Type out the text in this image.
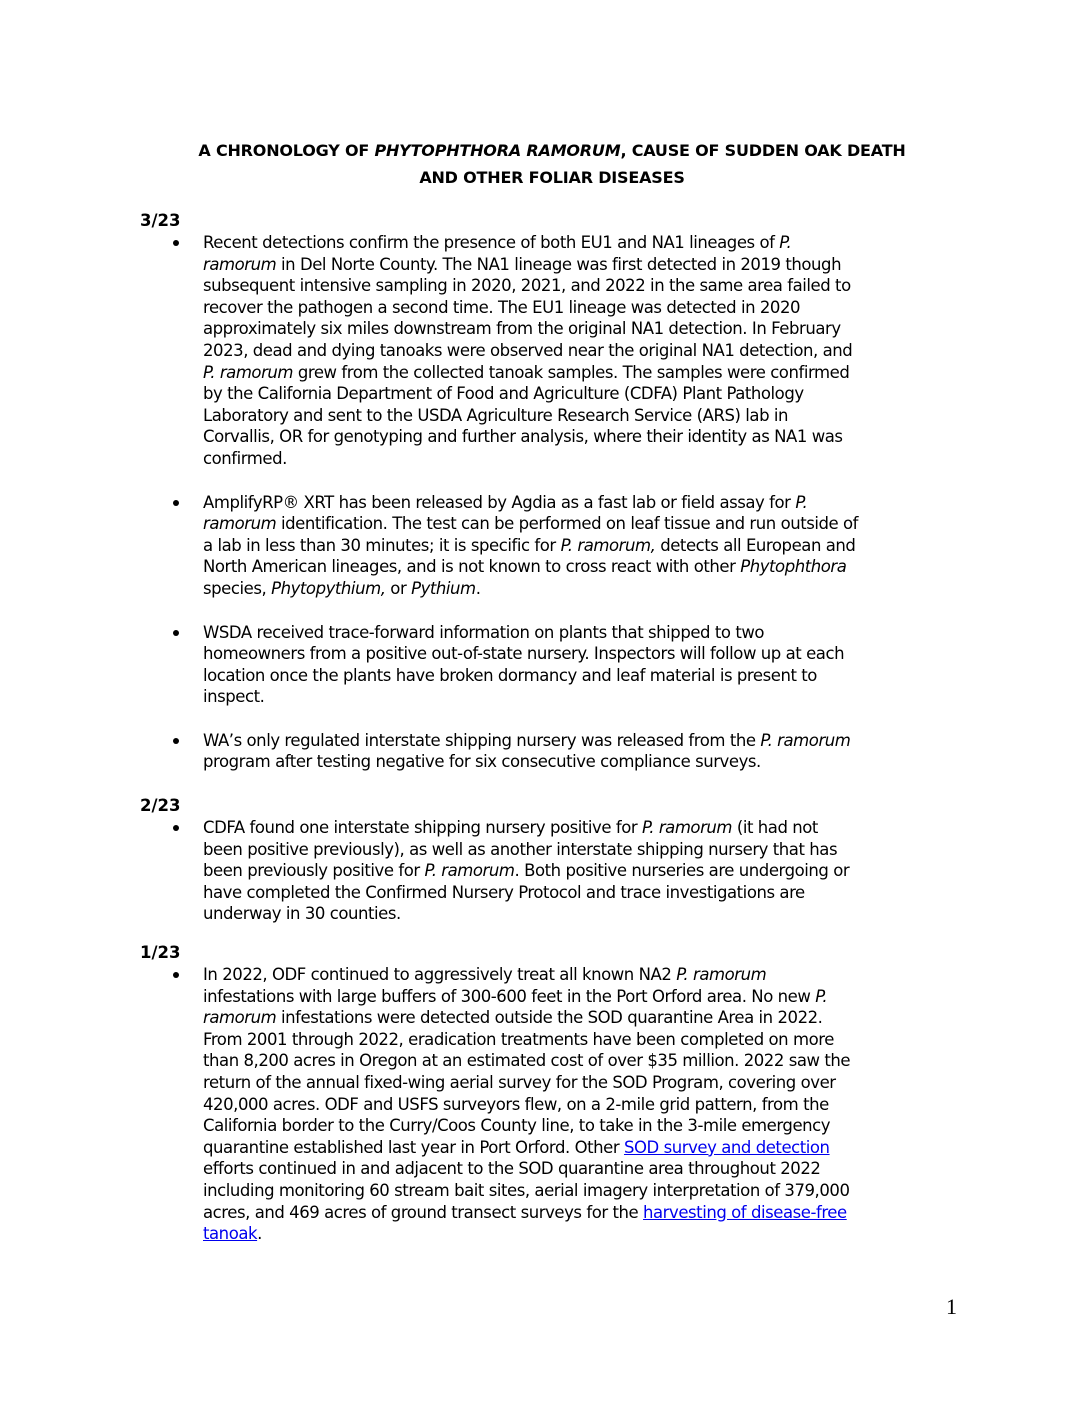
A CHRONOLOGY OF PHYTOPHTHORA RAMORUM, CAUSE OF SUDDEN OAK DEATH
AND OTHER FOLIAR DISEASES

3/23

Recent detections confirm the presence of both EU1 and NA1 lineages of P.
ramorum in Del Norte County. The NA1 lineage was first detected in 2019 though
subsequent intensive sampling in 2020, 2021, and 2022 in the same area failed to
recover the pathogen a second time. The EU1 lineage was detected in 2020
approximately six miles downstream from the original NA1 detection. In February
2023, dead and dying tanoaks were observed near the original NA1 detection, and
P. ramorum grew from the collected tanoak samples. The samples were confirmed
by the California Department of Food and Agriculture (CDFA) Plant Pathology
Laboratory and sent to the USDA Agriculture Research Service (ARS) lab in
Corvallis, OR for genotyping and further analysis, where their identity as NA1 was
confirmed.
AmplifyRP® XRT has been released by Agdia as a fast lab or field assay for P.
ramorum identification. The test can be performed on leaf tissue and run outside of
a lab in less than 30 minutes; it is specific for P. ramorum, detects all European and
North American lineages, and is not known to cross react with other Phytophthora
species, Phytopythium, or Pythium.
WSDA received trace-forward information on plants that shipped to two
homeowners from a positive out-of-state nursery. Inspectors will follow up at each
location once the plants have broken dormancy and leaf material is present to
inspect.
WA’s only regulated interstate shipping nursery was released from the P. ramorum
program after testing negative for six consecutive compliance surveys.

2/23

CDFA found one interstate shipping nursery positive for P. ramorum (it had not
been positive previously), as well as another interstate shipping nursery that has
been previously positive for P. ramorum. Both positive nurseries are undergoing or
have completed the Confirmed Nursery Protocol and trace investigations are
underway in 30 counties.

1/23

In 2022, ODF continued to aggressively treat all known NA2 P. ramorum
infestations with large buffers of 300-600 feet in the Port Orford area. No new P.
ramorum infestations were detected outside the SOD quarantine Area in 2022.
From 2001 through 2022, eradication treatments have been completed on more
than 8,200 acres in Oregon at an estimated cost of over $35 million. 2022 saw the
return of the annual fixed-wing aerial survey for the SOD Program, covering over
420,000 acres. ODF and USFS surveyors flew, on a 2-mile grid pattern, from the
California border to the Curry/Coos County line, to take in the 3-mile emergency
quarantine established last year in Port Orford. Other SOD survey and detection
efforts continued in and adjacent to the SOD quarantine area throughout 2022
including monitoring 60 stream bait sites, aerial imagery interpretation of 379,000
acres, and 469 acres of ground transect surveys for the harvesting of disease-free
tanoak.
1
